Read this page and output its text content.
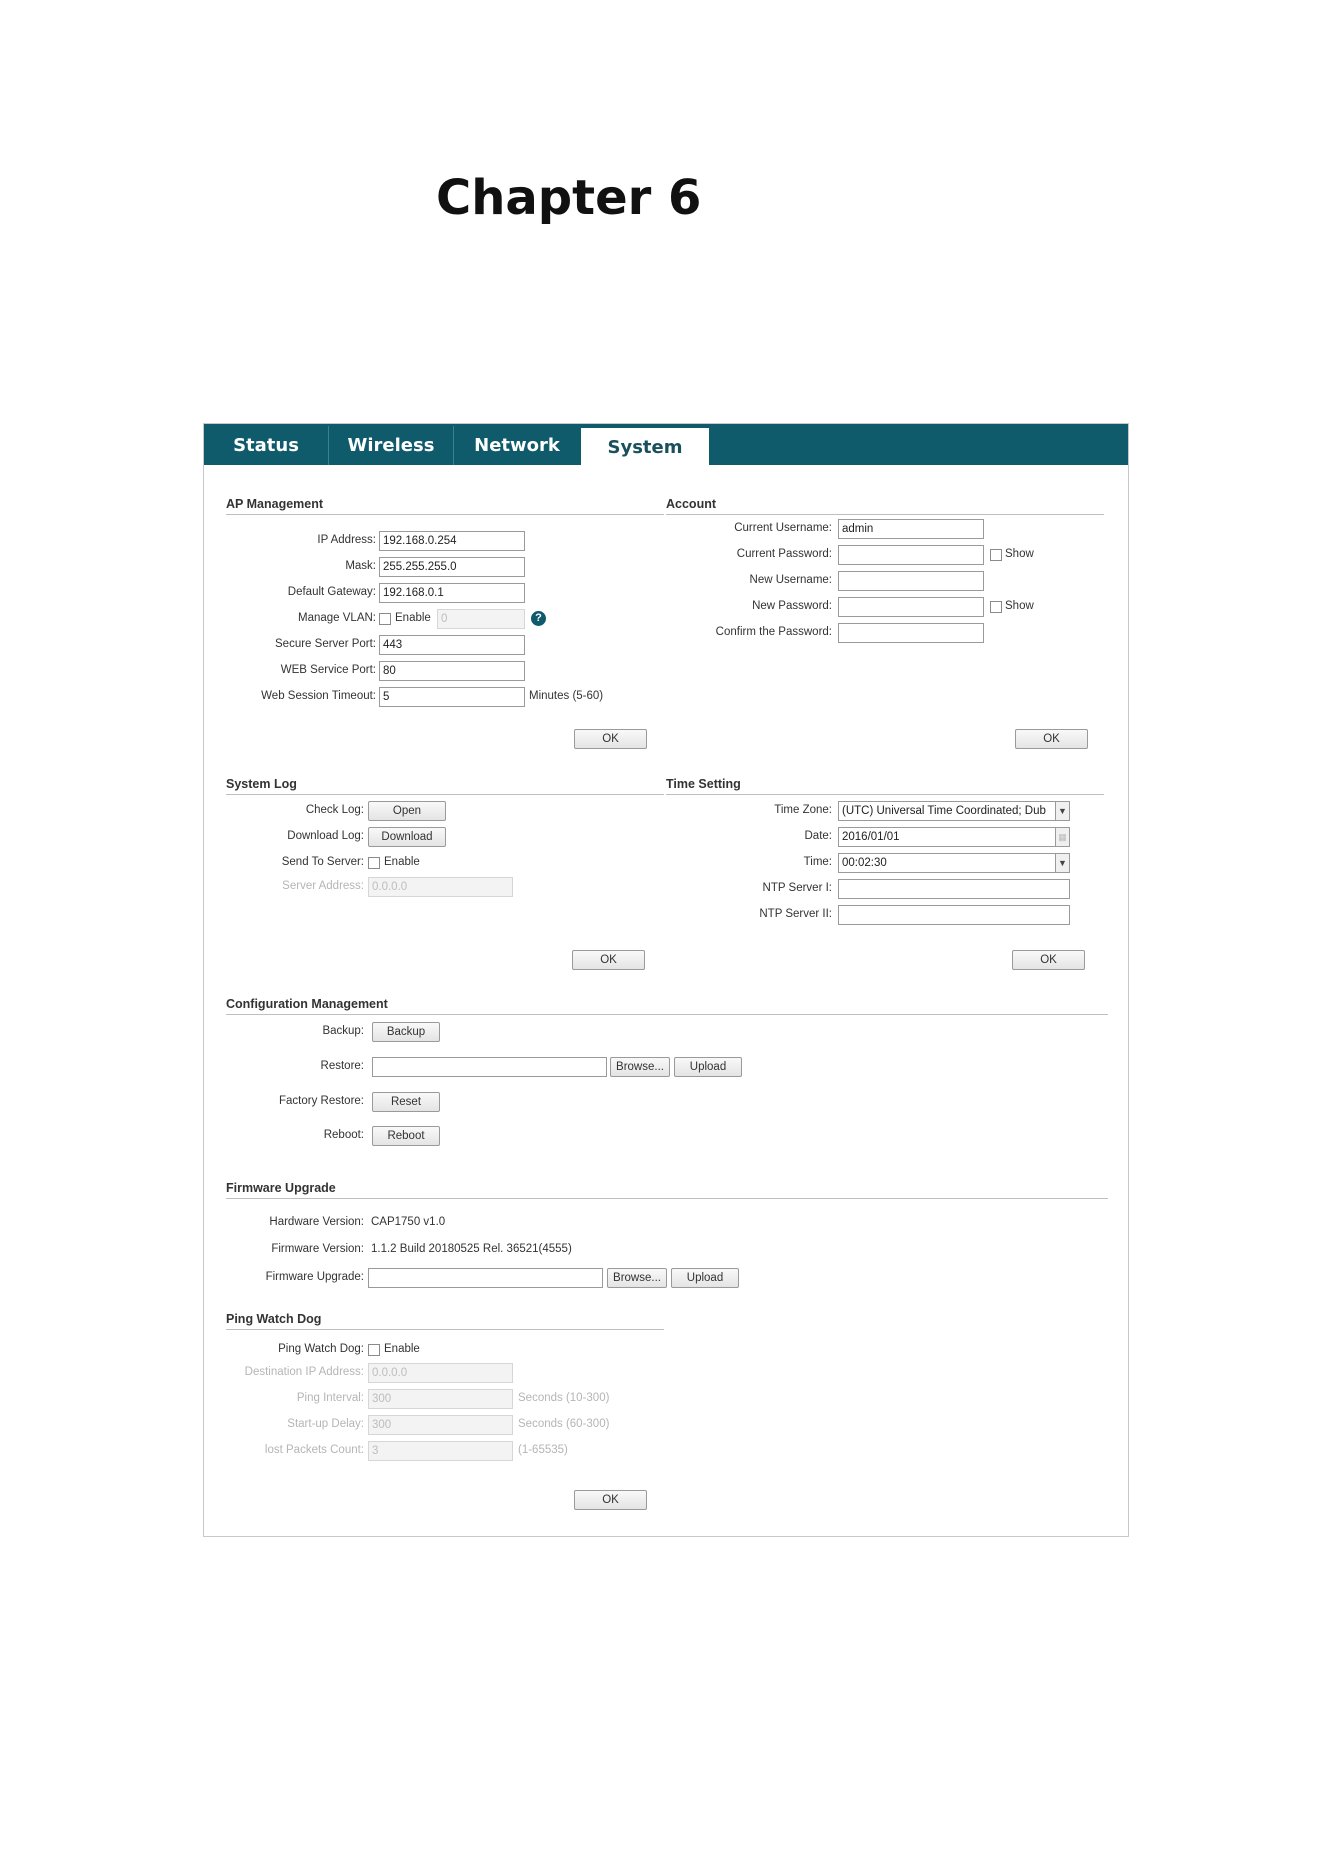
Chapter 6
Status	Wireless	Network	System
AP Management
IP Address: 192.168.0.254
Mask: 255.255.255.0
Default Gateway: 192.168.0.1
Manage VLAN: Enable 0	?
Secure Server Port: 443
WEB Service Port: 80
Web Session Timeout: 5	Minutes (5-60)
OK
Account
Current Username: admin
Current Password:	Show
New Username:
New Password:	Show
Confirm the Password:
OK
System Log
Check Log:	Open
Download Log:	Download
Send To Server: Enable
Server Address: 0.0.0.0
OK
Time Setting
Time Zone: (UTC) Universal Time Coordinated; Dub	▼
Date: 2016/01/01	▦
Time: 00:02:30	▼
NTP Server I:
NTP Server II:
OK
Configuration Management
Backup:	Backup
Restore:	Browse...	Upload
Factory Restore:	Reset
Reboot:	Reboot
Firmware Upgrade
Hardware Version: CAP1750 v1.0
Firmware Version: 1.1.2 Build 20180525 Rel. 36521(4555)
Firmware Upgrade:	Browse...	Upload
Ping Watch Dog
Ping Watch Dog: Enable
Destination IP Address: 0.0.0.0
Ping Interval: 300	Seconds (10-300)
Start-up Delay: 300	Seconds (60-300)
lost Packets Count: 3	(1-65535)
OK
